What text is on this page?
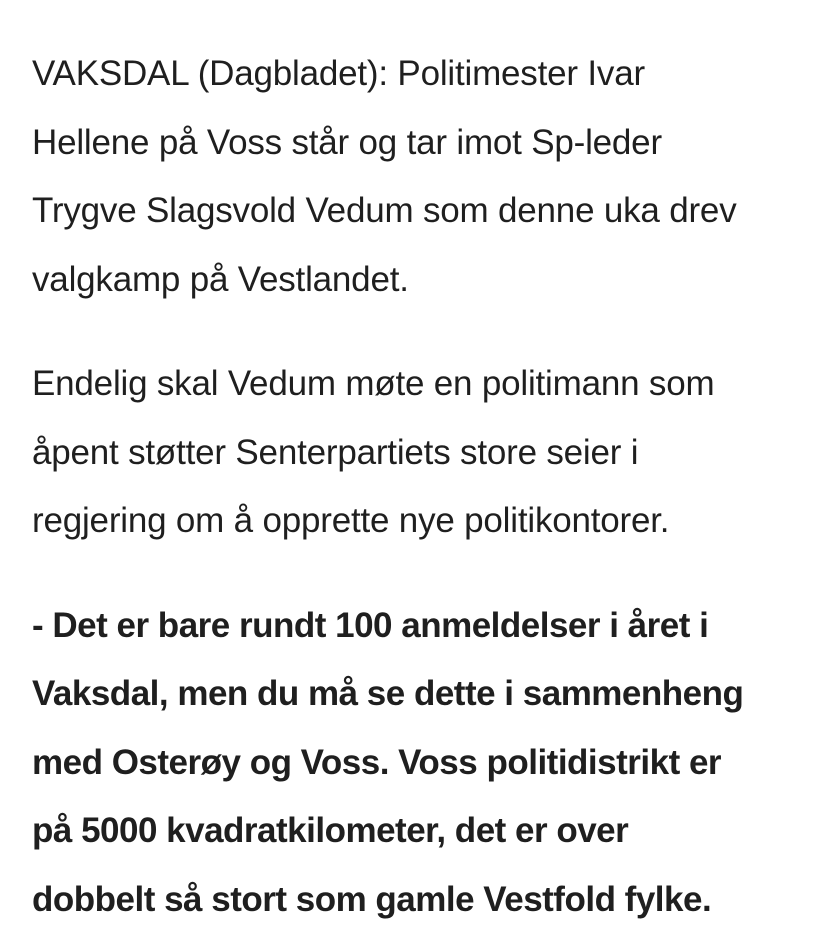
VAKSDAL (Dagbladet): Politimester Ivar
Hellene på Voss står og tar imot Sp-leder
Trygve Slagsvold Vedum som denne uka drev
valgkamp på Vestlandet.

Endelig skal Vedum møte en politimann som
åpent støtter Senterpartiets store seier i
regjering om å opprette nye politikontorer.

- Det er bare rundt 100 anmeldelser i året i
Vaksdal, men du må se dette i sammenheng
med Osterøy og Voss. Voss politidistrikt er
på 5000 kvadratkilometer, det er over
dobbelt så stort som gamle Vestfold fylke.
